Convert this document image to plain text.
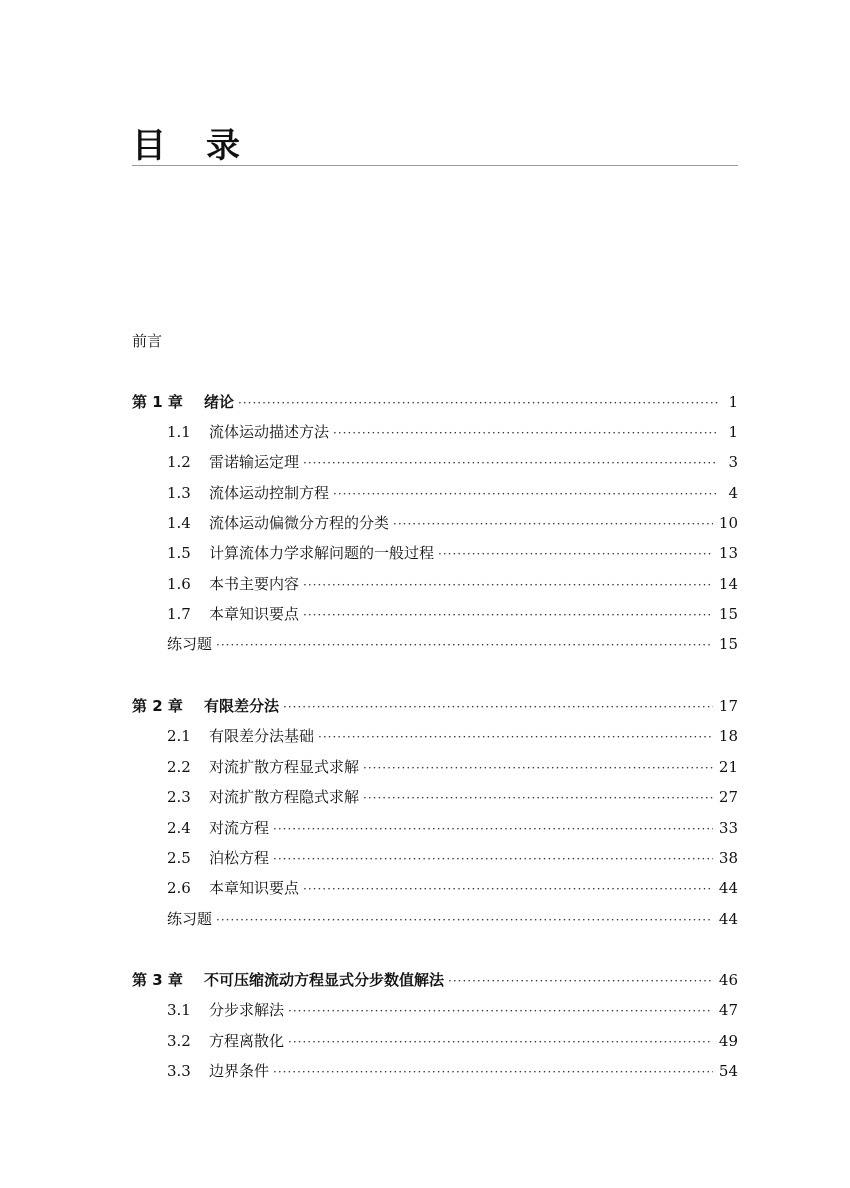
目 录
前言
第 1 章	绪论 ·····	1
1.1	流体运动描述方法 ·····	1
1.2	雷诺输运定理 ·····	3
1.3	流体运动控制方程 ·····	4
1.4	流体运动偏微分方程的分类 ·····	10
1.5	计算流体力学求解问题的一般过程 ·····	13
1.6	本书主要内容 ·····	14
1.7	本章知识要点 ·····	15
练习题 ·····	15
第 2 章	有限差分法 ·····	17
2.1	有限差分法基础 ·····	18
2.2	对流扩散方程显式求解 ·····	21
2.3	对流扩散方程隐式求解 ·····	27
2.4	对流方程 ·····	33
2.5	泊松方程 ·····	38
2.6	本章知识要点 ·····	44
练习题 ·····	44
第 3 章	不可压缩流动方程显式分步数值解法 ·····	46
3.1	分步求解法 ·····	47
3.2	方程离散化 ·····	49
3.3	边界条件 ·····	54
